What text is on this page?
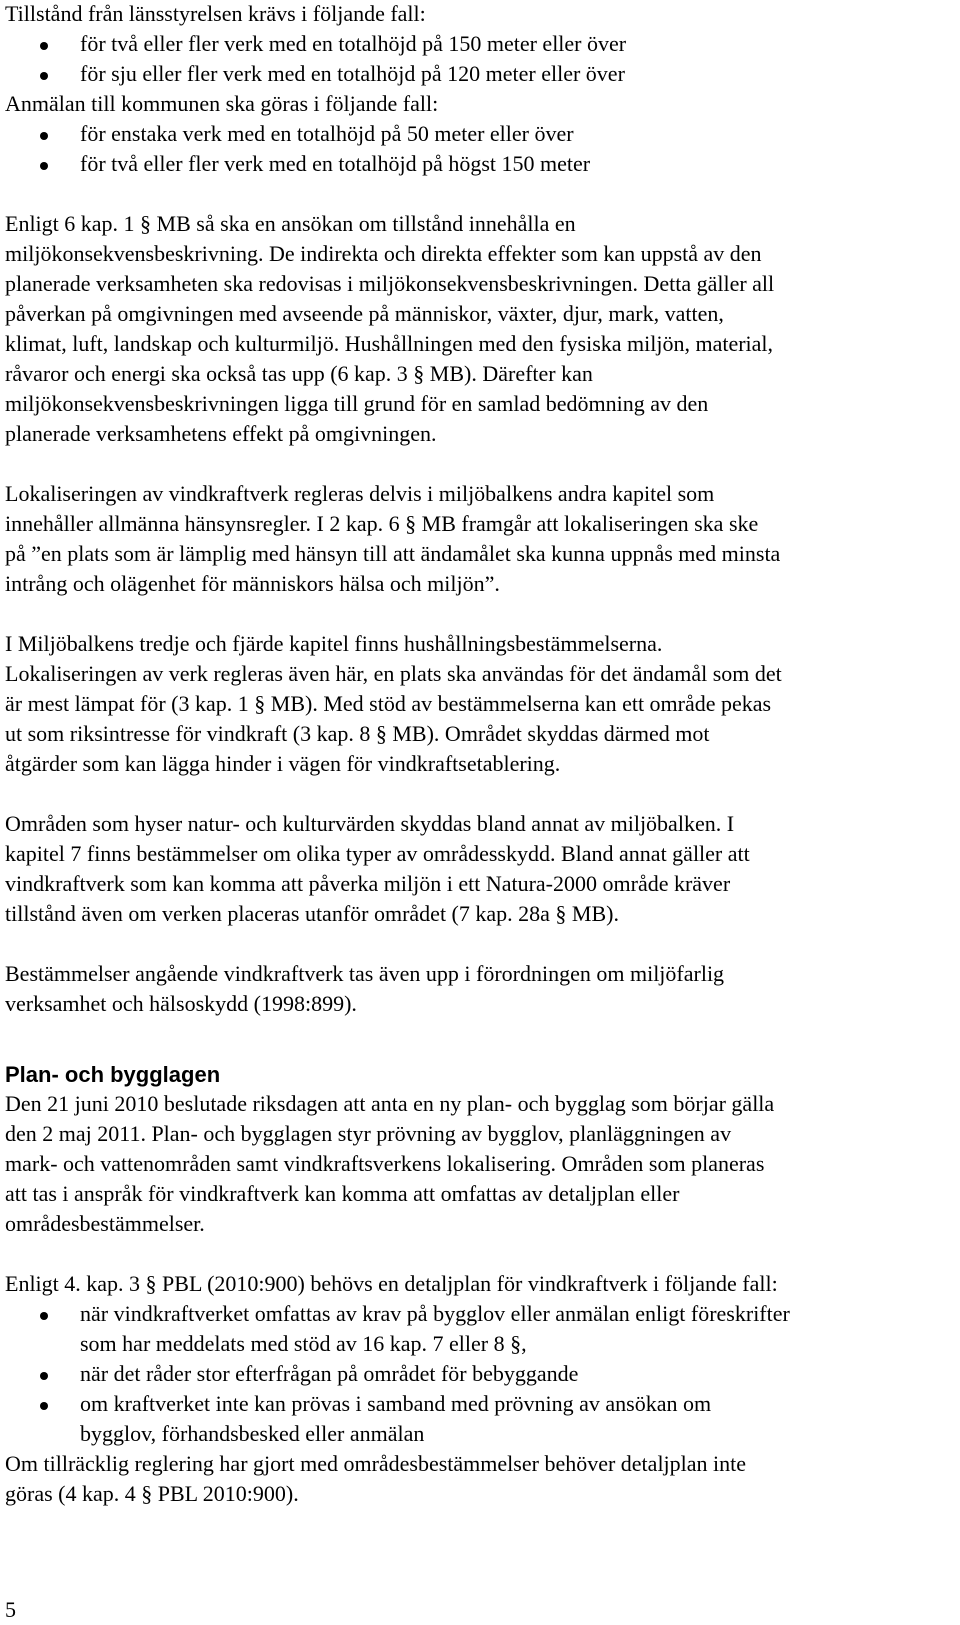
Tillstånd från länsstyrelsen krävs i följande fall:
för två eller fler verk med en totalhöjd på 150 meter eller över
för sju eller fler verk med en totalhöjd på 120 meter eller över
Anmälan till kommunen ska göras i följande fall:
för enstaka verk med en totalhöjd på 50 meter eller över
för två eller fler verk med en totalhöjd på högst 150 meter
Enligt 6 kap. 1 § MB så ska en ansökan om tillstånd innehålla en
miljökonsekvensbeskrivning. De indirekta och direkta effekter som kan uppstå av den
planerade verksamheten ska redovisas i miljökonsekvensbeskrivningen. Detta gäller all
påverkan på omgivningen med avseende på människor, växter, djur, mark, vatten,
klimat, luft, landskap och kulturmiljö. Hushållningen med den fysiska miljön, material,
råvaror och energi ska också tas upp (6 kap. 3 § MB). Därefter kan
miljökonsekvensbeskrivningen ligga till grund för en samlad bedömning av den
planerade verksamhetens effekt på omgivningen.
Lokaliseringen av vindkraftverk regleras delvis i miljöbalkens andra kapitel som
innehåller allmänna hänsynsregler. I 2 kap. 6 § MB framgår att lokaliseringen ska ske
på ”en plats som är lämplig med hänsyn till att ändamålet ska kunna uppnås med minsta
intrång och olägenhet för människors hälsa och miljön”.
I Miljöbalkens tredje och fjärde kapitel finns hushållningsbestämmelserna.
Lokaliseringen av verk regleras även här, en plats ska användas för det ändamål som det
är mest lämpat för (3 kap. 1 § MB). Med stöd av bestämmelserna kan ett område pekas
ut som riksintresse för vindkraft (3 kap. 8 § MB). Området skyddas därmed mot
åtgärder som kan lägga hinder i vägen för vindkraftsetablering.
Områden som hyser natur- och kulturvärden skyddas bland annat av miljöbalken. I
kapitel 7 finns bestämmelser om olika typer av områdesskydd. Bland annat gäller att
vindkraftverk som kan komma att påverka miljön i ett Natura-2000 område kräver
tillstånd även om verken placeras utanför området (7 kap. 28a § MB).
Bestämmelser angående vindkraftverk tas även upp i förordningen om miljöfarlig
verksamhet och hälsoskydd (1998:899).
Plan- och bygglagen
Den 21 juni 2010 beslutade riksdagen att anta en ny plan- och bygglag som börjar gälla
den 2 maj 2011. Plan- och bygglagen styr prövning av bygglov, planläggningen av
mark- och vattenområden samt vindkraftsverkens lokalisering. Områden som planeras
att tas i anspråk för vindkraftverk kan komma att omfattas av detaljplan eller
områdesbestämmelser.
Enligt 4. kap. 3 § PBL (2010:900) behövs en detaljplan för vindkraftverk i följande fall:
när vindkraftverket omfattas av krav på bygglov eller anmälan enligt föreskrifter
som har meddelats med stöd av 16 kap. 7 eller 8 §,
när det råder stor efterfrågan på området för bebyggande
om kraftverket inte kan prövas i samband med prövning av ansökan om
bygglov, förhandsbesked eller anmälan
Om tillräcklig reglering har gjort med områdesbestämmelser behöver detaljplan inte
göras (4 kap. 4 § PBL 2010:900).
5
